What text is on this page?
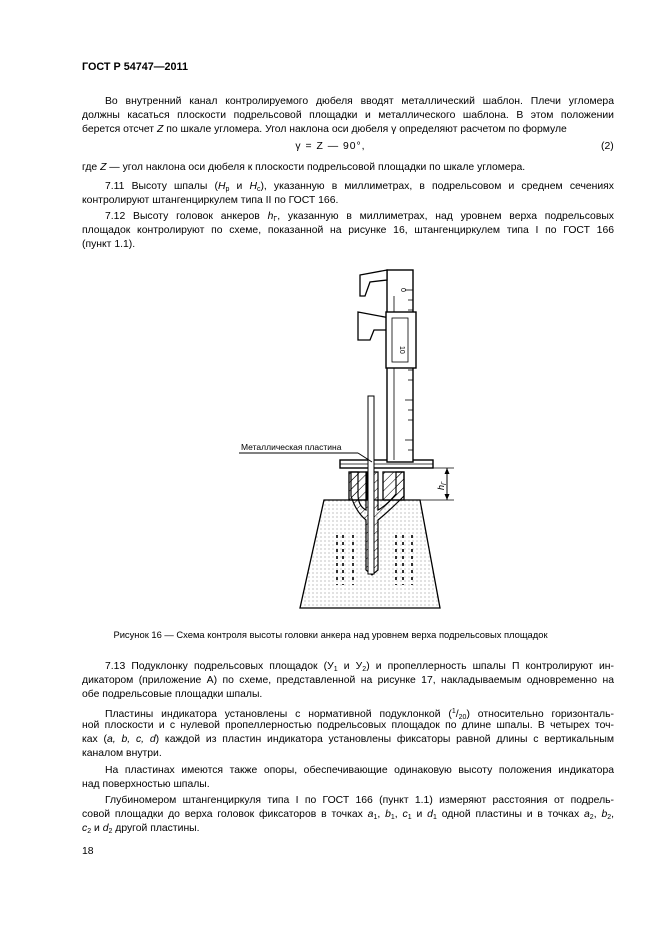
ГОСТ Р 54747—2011
Во внутренний канал контролируемого дюбеля вводят металлический шаблон. Плечи угломера
должны касаться плоскости подрельсовой площадки и металлического шаблона. В этом положении
берется отсчет Z по шкале угломера. Угол наклона оси дюбеля γ определяют расчетом по формуле
γ = Z — 90°,	(2)
где Z — угол наклона оси дюбеля к плоскости подрельсовой площадки по шкале угломера.
7.11 Высоту шпалы ($H_р$ и $H_с$), указанную в миллиметрах, в подрельсовом и среднем сечениях
контролируют штангенциркулем типа II по ГОСТ 166.
7.12 Высоту головок анкеров $h_Г$, указанную в миллиметрах, над уровнем верха подрельсовых
площадок контролируют по схеме, показанной на рисунке 16, штангенциркулем типа I по ГОСТ 166
(пункт 1.1).
0
10
Металлическая пластина
$h_Г$
Рисунок 16 — Схема контроля высоты головки анкера над уровнем верха подрельсовых площадок
7.13 Подуклонку подрельсовых площадок ($У_1$ и $У_2$) и пропеллерность шпалы П контролируют ин-
дикатором (приложение А) по схеме, представленной на рисунке 17, накладываемым одновременно на
обе подрельсовые площадки шпалы.
Пластины индикатора установлены с нормативной подуклонкой $(^1/_{20})$ относительно горизонталь-
ной плоскости и с нулевой пропеллерностью подрельсовых площадок по длине шпалы. В четырех точ-
ках (a, b, c, d) каждой из пластин индикатора установлены фиксаторы равной длины с вертикальным
каналом внутри.
На пластинах имеются также опоры, обеспечивающие одинаковую высоту положения индикатора
над поверхностью шпалы.
Глубиномером штангенциркуля типа I по ГОСТ 166 (пункт 1.1) измеряют расстояния от подрель-
совой площадки до верха головок фиксаторов в точках $a_1$, $b_1$, $c_1$ и $d_1$ одной пластины и в точках $a_2$, $b_2$,
$c_2$ и $d_2$ другой пластины.
18
